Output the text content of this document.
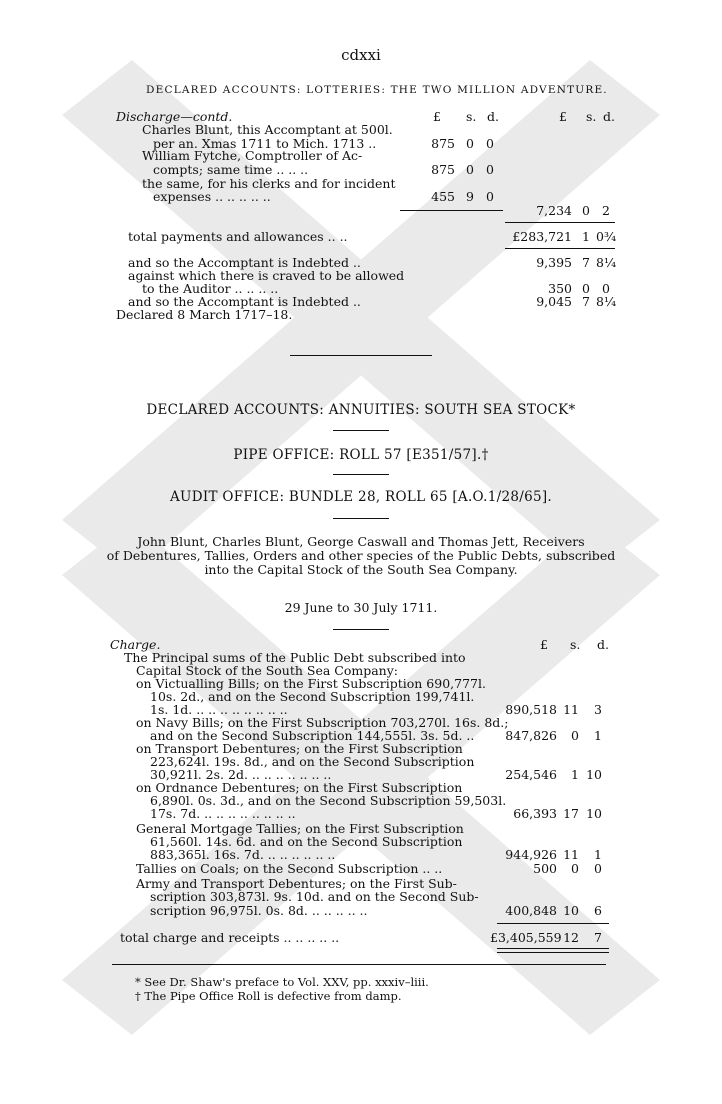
cdxxi
DECLARED ACCOUNTS: LOTTERIES: THE TWO MILLION ADVENTURE.
Discharge—contd.	£ s. d.	£ s. d.
Charles Blunt, this Accomptant at 500l.
per an. Xmas 1711 to Mich. 1713 ..	875 0 0
William Fytche, Comptroller of Ac-
compts; same time .. .. ..	875 0 0
the same, for his clerks and for incident
expenses .. .. .. .. ..	455 9 0
7,234 0 2
total payments and allowances .. ..	£283,721 1 0¾
and so the Accomptant is Indebted ..	9,395 7 8¼
against which there is craved to be allowed
to the Auditor .. .. .. ..	350 0 0
and so the Accomptant is Indebted ..	9,045 7 8¼
Declared 8 March 1717–18.
DECLARED ACCOUNTS: ANNUITIES: SOUTH SEA STOCK*
PIPE OFFICE: ROLL 57 [E351/57].†
AUDIT OFFICE: BUNDLE 28, ROLL 65 [A.O.1/28/65].
John Blunt, Charles Blunt, George Caswall and Thomas Jett, Receivers
of Debentures, Tallies, Orders and other species of the Public Debts, subscribed
into the Capital Stock of the South Sea Company.
29 June to 30 July 1711.
Charge.	£ s. d.
The Principal sums of the Public Debt subscribed into
Capital Stock of the South Sea Company:
on Victualling Bills; on the First Subscription 690,777l.
10s. 2d., and on the Second Subscription 199,741l.
1s. 1d. .. .. .. .. .. .. .. ..	890,518 11	3
on Navy Bills; on the First Subscription 703,270l. 16s. 8d.;
and on the Second Subscription 144,555l. 3s. 5d. ..	847,826	0	1
on Transport Debentures; on the First Subscription
223,624l. 19s. 8d., and on the Second Subscription
30,921l. 2s. 2d. .. .. .. .. .. .. ..	254,546	1 10
on Ordnance Debentures; on the First Subscription
6,890l. 0s. 3d., and on the Second Subscription 59,503l.
17s. 7d. .. .. .. .. .. .. .. ..	66,393 17 10
General Mortgage Tallies; on the First Subscription
61,560l. 14s. 6d. and on the Second Subscription
883,365l. 16s. 7d. .. .. .. .. .. ..	944,926 11	1
Tallies on Coals; on the Second Subscription .. ..	500	0	0
Army and Transport Debentures; on the First Sub-
scription 303,873l. 9s. 10d. and on the Second Sub-
scription 96,975l. 0s. 8d. .. .. .. .. ..	400,848 10	6
total charge and receipts .. .. .. .. ..	£3,405,559 12	7
* See Dr. Shaw's preface to Vol. XXV, pp. xxxiv–liii.
† The Pipe Office Roll is defective from damp.
